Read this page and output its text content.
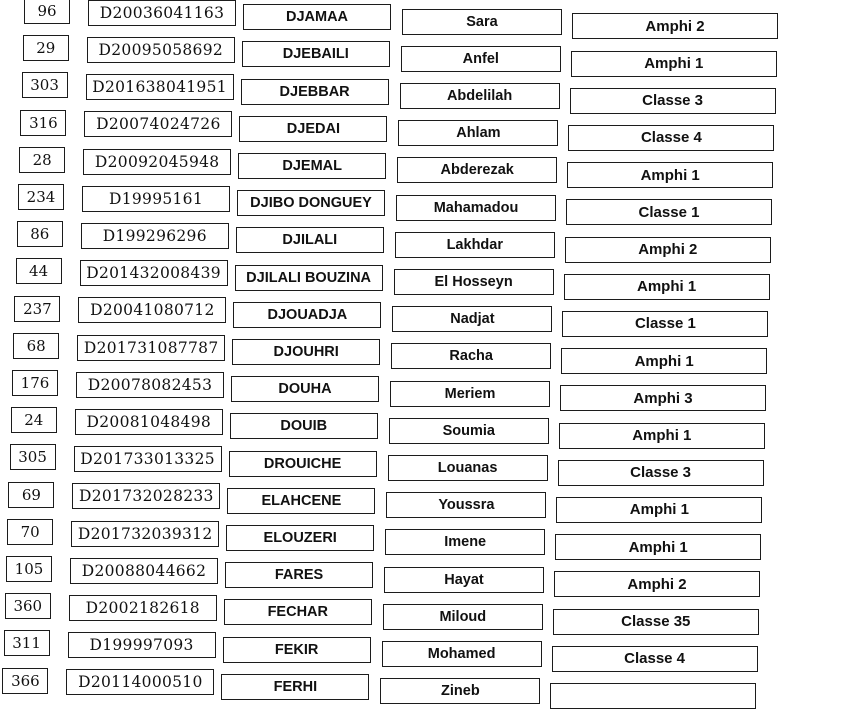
96	D20036041163	DJAMAA	Sara	Amphi 2
29	D20095058692	DJEBAILI	Anfel	Amphi 1
303	D201638041951	DJEBBAR	Abdelilah	Classe 3
316	D20074024726	DJEDAI	Ahlam	Classe 4
28	D20092045948	DJEMAL	Abderezak	Amphi 1
234	D19995161	DJIBO DONGUEY	Mahamadou	Classe 1
86	D199296296	DJILALI	Lakhdar	Amphi 2
44	D201432008439	DJILALI BOUZINA	El Hosseyn	Amphi 1
237	D20041080712	DJOUADJA	Nadjat	Classe 1
68	D201731087787	DJOUHRI	Racha	Amphi 1
176	D20078082453	DOUHA	Meriem	Amphi 3
24	D20081048498	DOUIB	Soumia	Amphi 1
305	D201733013325	DROUICHE	Louanas	Classe 3
69	D201732028233	ELAHCENE	Youssra	Amphi 1
70	D201732039312	ELOUZERI	Imene	Amphi 1
105	D20088044662	FARES	Hayat	Amphi 2
360	D2002182618	FECHAR	Miloud	Classe 35
311	D199997093	FEKIR	Mohamed	Classe 4
366	D20114000510	FERHI	Zineb
